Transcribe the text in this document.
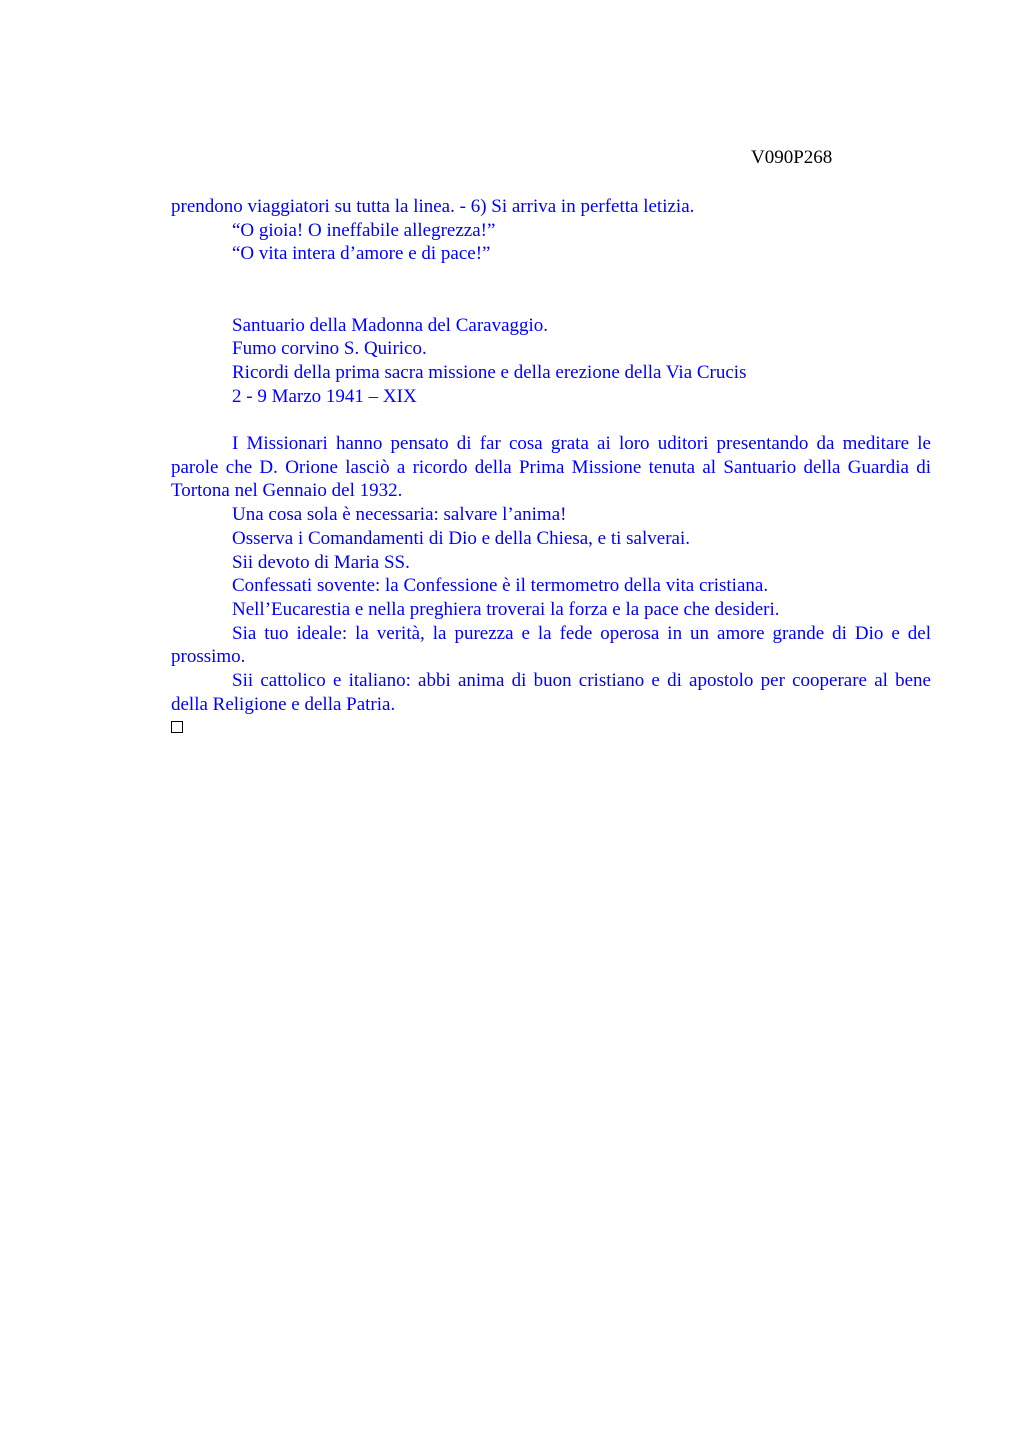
V090P268

prendono viaggiatori su tutta la linea. - 6) Si arriva in perfetta letizia.

“O gioia! O ineffabile allegrezza!”

“O vita intera d’amore e di pace!”

Santuario della Madonna del Caravaggio.

Fumo corvino S. Quirico.

Ricordi della prima sacra missione e della erezione della Via Crucis

2 - 9 Marzo 1941 – XIX

I Missionari hanno pensato di far cosa grata ai loro uditori presentando da meditare le parole che D. Orione lasciò a ricordo della Prima Missione tenuta al Santuario della Guardia di Tortona nel Gennaio del 1932.

Una cosa sola è necessaria: salvare l’anima!

Osserva i Comandamenti di Dio e della Chiesa, e ti salverai.

Sii devoto di Maria SS.

Confessati sovente: la Confessione è il termometro della vita cristiana.

Nell’Eucarestia e nella preghiera troverai la forza e la pace che desideri.

Sia tuo ideale: la verità, la purezza e la fede operosa in un amore grande di Dio e del prossimo.

Sii cattolico e italiano: abbi anima di buon cristiano e di apostolo per cooperare al bene della Religione e della Patria.
